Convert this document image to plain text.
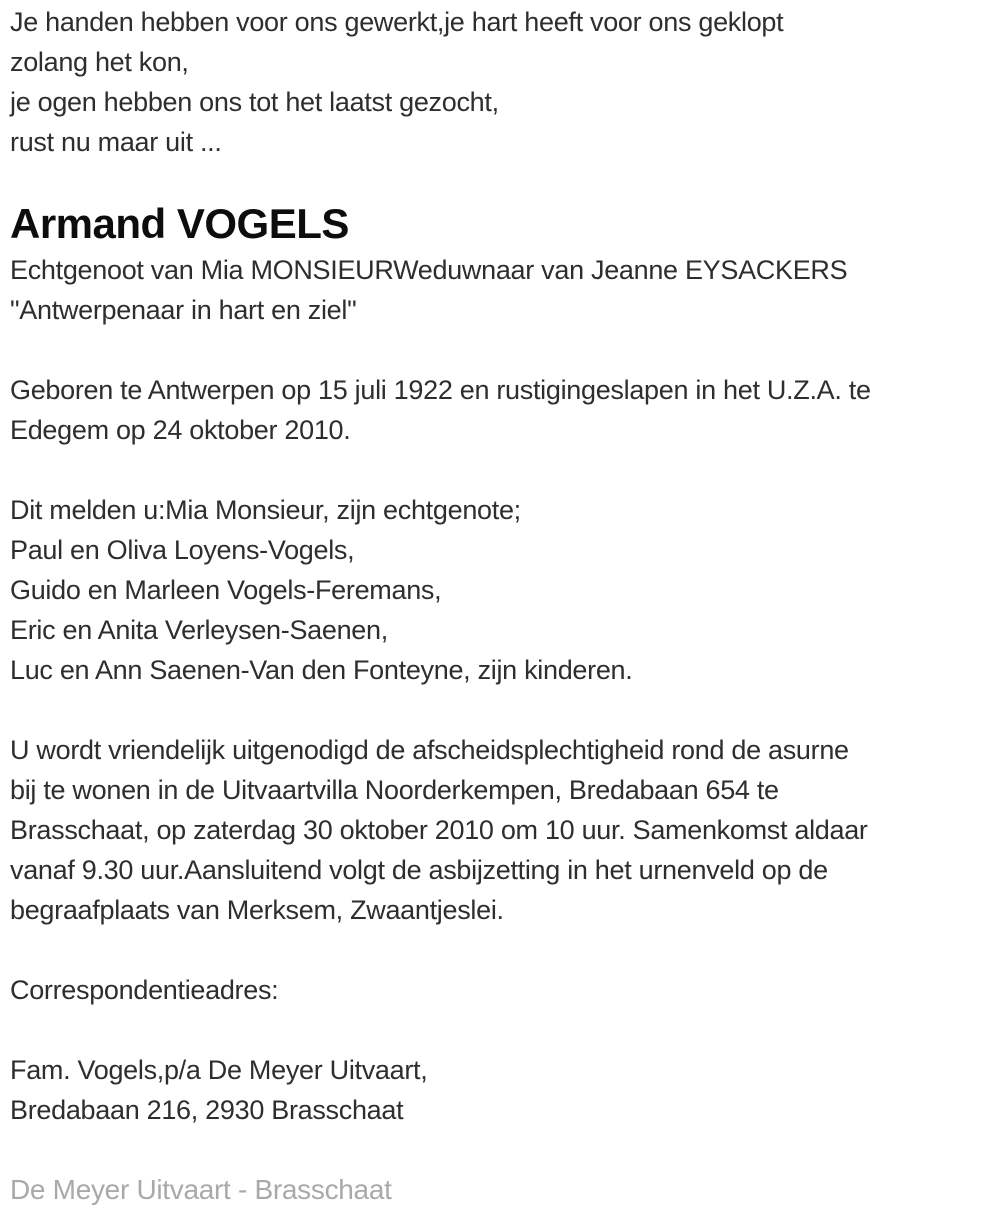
Je handen hebben voor ons gewerkt,je hart heeft voor ons geklopt
zolang het kon,
je ogen hebben ons tot het laatst gezocht,
rust nu maar uit ...

Armand VOGELS

Echtgenoot van Mia MONSIEURWeduwnaar van Jeanne EYSACKERS
"Antwerpenaar in hart en ziel"

Geboren te Antwerpen op 15 juli 1922 en rustigingeslapen in het U.Z.A. te
Edegem op 24 oktober 2010.

Dit melden u:Mia Monsieur, zijn echtgenote;
Paul en Oliva Loyens-Vogels,
Guido en Marleen Vogels-Feremans,
Eric en Anita Verleysen-Saenen,
Luc en Ann Saenen-Van den Fonteyne, zijn kinderen.

U wordt vriendelijk uitgenodigd de afscheidsplechtigheid rond de asurne
bij te wonen in de Uitvaartvilla Noorderkempen, Bredabaan 654 te
Brasschaat, op zaterdag 30 oktober 2010 om 10 uur. Samenkomst aldaar
vanaf 9.30 uur.Aansluitend volgt de asbijzetting in het urnenveld op de
begraafplaats van Merksem, Zwaantjeslei.

Correspondentieadres:

Fam. Vogels,p/a De Meyer Uitvaart,
Bredabaan 216, 2930 Brasschaat

De Meyer Uitvaart - Brasschaat
